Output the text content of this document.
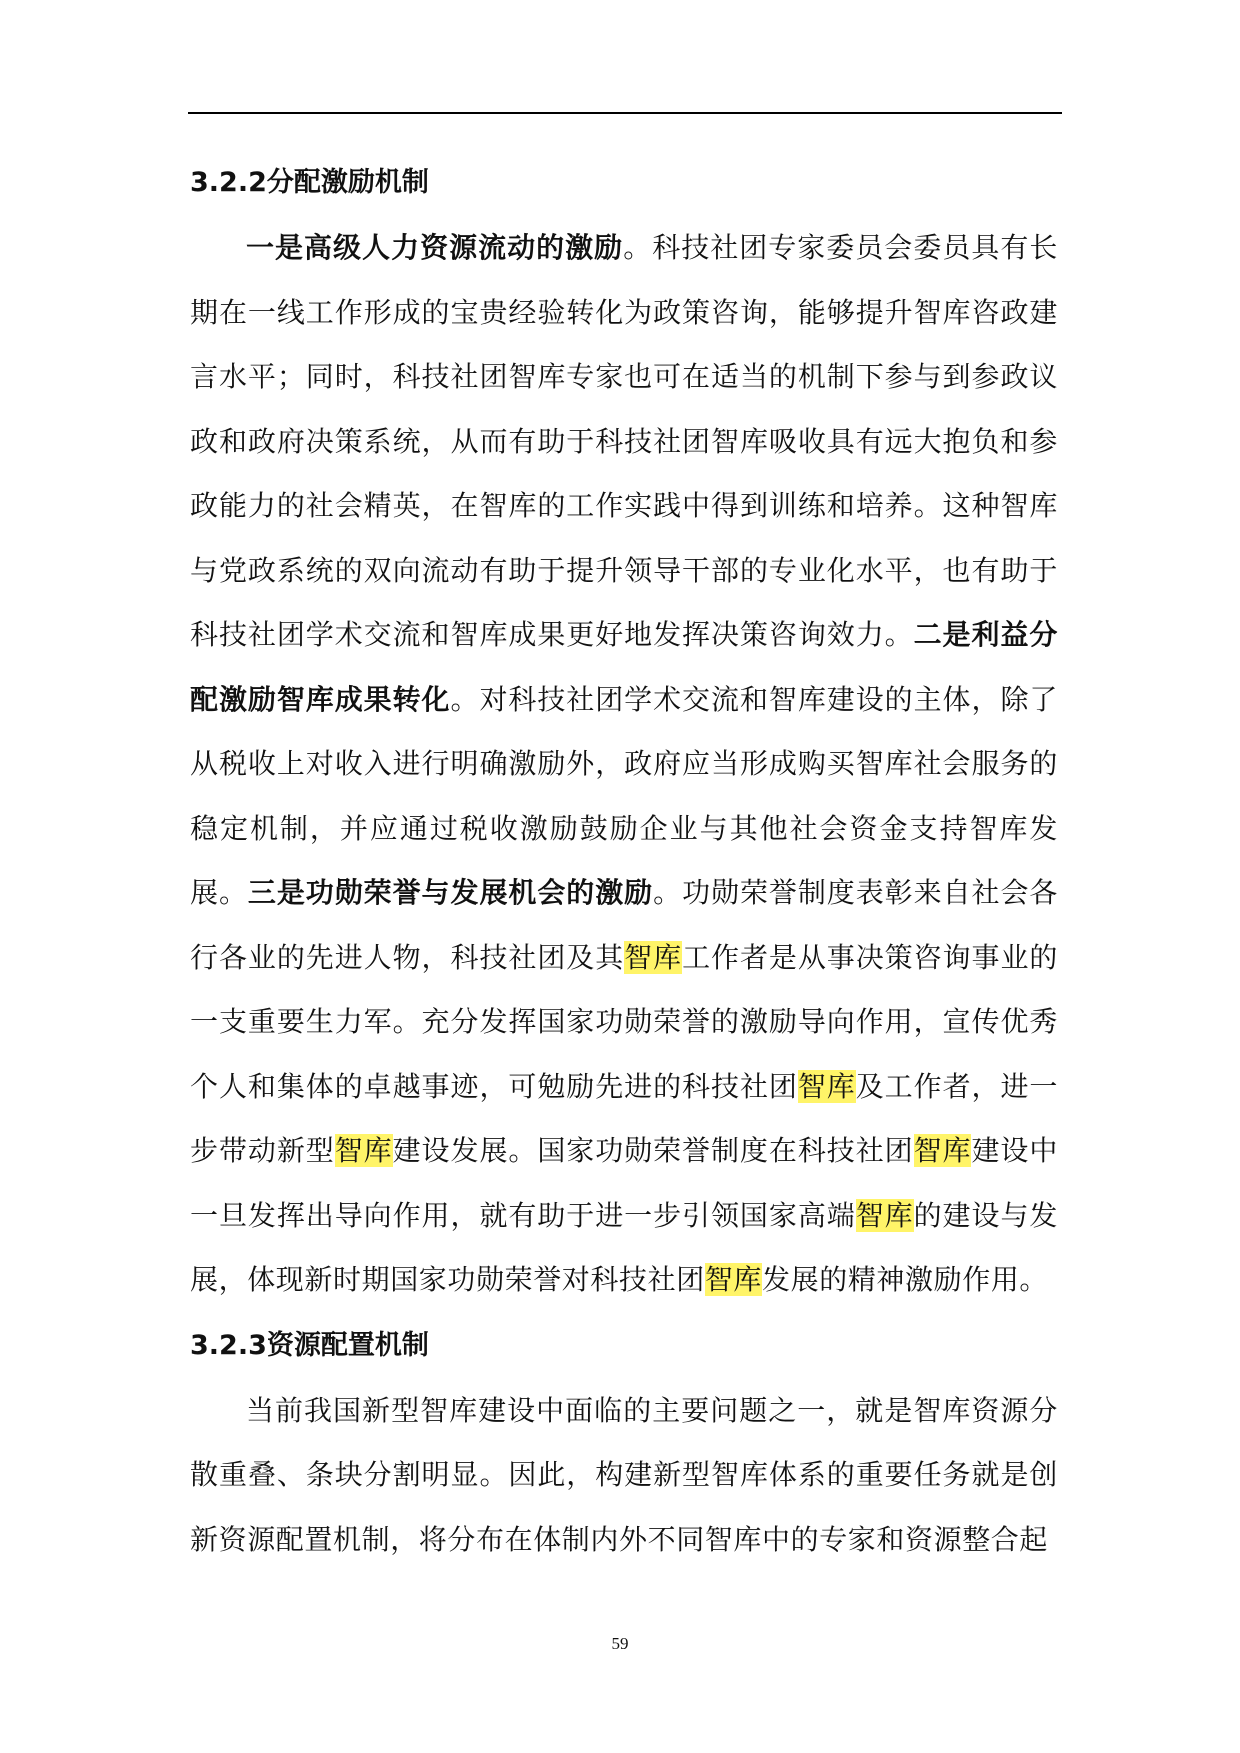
3.2.2分配激励机制

一是高级人力资源流动的激励。科技社团专家委员会委员具有长期在一线工作形成的宝贵经验转化为政策咨询，能够提升智库咨政建言水平；同时，科技社团智库专家也可在适当的机制下参与到参政议政和政府决策系统，从而有助于科技社团智库吸收具有远大抱负和参政能力的社会精英，在智库的工作实践中得到训练和培养。这种智库与党政系统的双向流动有助于提升领导干部的专业化水平，也有助于科技社团学术交流和智库成果更好地发挥决策咨询效力。二是利益分配激励智库成果转化。对科技社团学术交流和智库建设的主体，除了从税收上对收入进行明确激励外，政府应当形成购买智库社会服务的稳定机制，并应通过税收激励鼓励企业与其他社会资金支持智库发展。三是功勋荣誉与发展机会的激励。功勋荣誉制度表彰来自社会各行各业的先进人物，科技社团及其智库工作者是从事决策咨询事业的一支重要生力军。充分发挥国家功勋荣誉的激励导向作用，宣传优秀个人和集体的卓越事迹，可勉励先进的科技社团智库及工作者，进一步带动新型智库建设发展。国家功勋荣誉制度在科技社团智库建设中一旦发挥出导向作用，就有助于进一步引领国家高端智库的建设与发展，体现新时期国家功勋荣誉对科技社团智库发展的精神激励作用。

3.2.3资源配置机制

当前我国新型智库建设中面临的主要问题之一，就是智库资源分散重叠、条块分割明显。因此，构建新型智库体系的重要任务就是创新资源配置机制，将分布在体制内外不同智库中的专家和资源整合起

59
